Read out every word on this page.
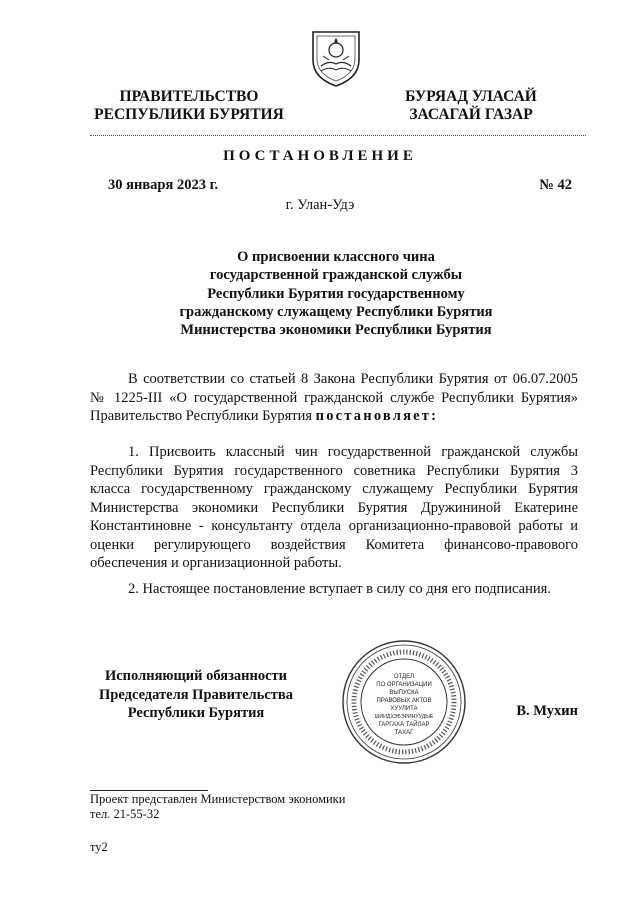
ПРАВИТЕЛЬСТВО
РЕСПУБЛИКИ БУРЯТИЯ
БУРЯАД УЛАСАЙ
ЗАСАГАЙ ГАЗАР
ПОСТАНОВЛЕНИЕ
30 января 2023 г.	№ 42
г. Улан-Удэ
О присвоении классного чина
государственной гражданской службы
Республики Бурятия государственному
гражданскому служащему Республики Бурятия
Министерства экономики Республики Бурятия
В соответствии со статьей 8 Закона Республики Бурятия от 06.07.2005 № 1225-III «О государственной гражданской службе Республики Бурятия» Правительство Республики Бурятия постановляет:
1. Присвоить классный чин государственной гражданской службы Республики Бурятия государственного советника Республики Бурятия 3 класса государственному гражданскому служащему Республики Бурятия Министерства экономики Республики Бурятия Дружининой Екатерине Константиновне - консультанту отдела организационно-правовой работы и оценки регулирующего воздействия Комитета финансово-правового обеспечения и организационной работы.
2. Настоящее постановление вступает в силу со дня его подписания.
Исполняющий обязанности
Председателя Правительства
Республики Бурятия	В. Мухин
ОТДЕЛ
ПО ОРГАНИЗАЦИИ
ВЫПУСКА
ПРАВОВЫХ АКТОВ
ХУУЛИТА
ШИИДХЭБЭРИНУУДЫЕ
ГАРГАХА ТАЙЛАР
ТАХАГ
Проект представлен Министерством экономики
тел. 21-55-32
ту2
